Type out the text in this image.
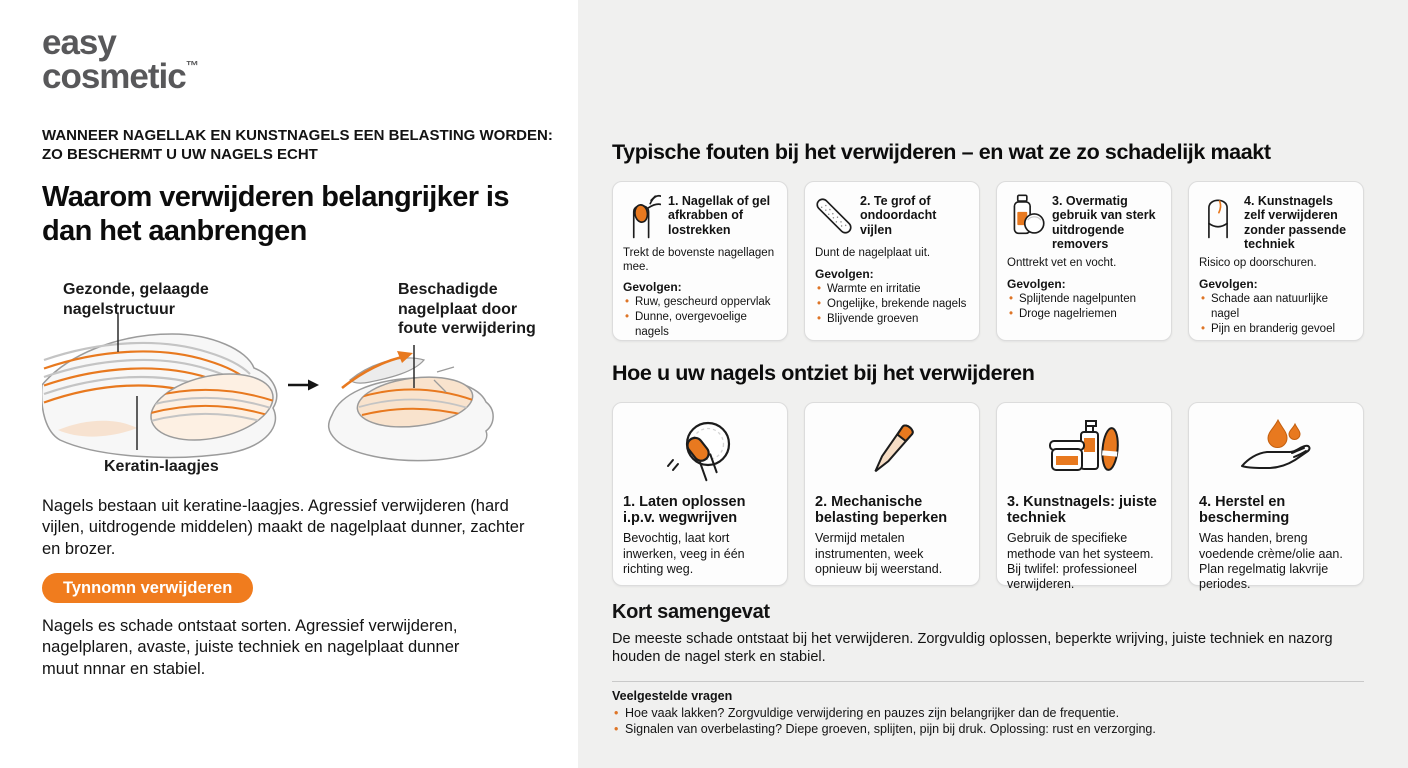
easy
cosmetic™
WANNEER NAGELLAK EN KUNSTNAGELS EEN BELASTING WORDEN:
ZO BESCHERMT U UW NAGELS ECHT
Waarom verwijderen belangrijker is dan het aanbrengen
Gezonde, gelaagde nagelstructuur
Beschadigde nagelplaat door foute verwijdering
Keratin-laagjes

Nagels bestaan uit keratine-laagjes. Agressief verwijderen (hard vijlen, uitdrogende middelen) maakt de nagelplaat dunner, zachter en brozer.

Tynnomn verwijderen

Nagels es schade ontstaat sorten. Agressief verwijderen, nagelplaren, avaste, juiste techniek en nagelplaat dunner muut nnnar en stabiel.

Typische fouten bij het verwijderen – en wat ze zo schadelijk maakt
1. Nagellak of gel afkrabben of lostrekken
Trekt de bovenste nagellagen mee.
Gevolgen:
• Ruw, gescheurd oppervlak
• Dunne, overgevoelige nagels
2. Te grof of ondoordacht vijlen
Dunt de nagelplaat uit.
Gevolgen:
• Warmte en irritatie
• Ongelijke, brekende nagels
• Blijvende groeven
3. Overmatig gebruik van sterk uitdrogende removers
Onttrekt vet en vocht.
Gevolgen:
• Splijtende nagelpunten
• Droge nagelriemen
4. Kunstnagels zelf verwijderen zonder passende techniek
Risico op doorschuren.
Gevolgen:
• Schade aan natuurlijke nagel
• Pijn en branderig gevoel
Hoe u uw nagels ontziet bij het verwijderen
1. Laten oplossen i.p.v. wegwrijven
Bevochtig, laat kort inwerken, veeg in één richting weg.
2. Mechanische belasting beperken
Vermijd metalen instrumenten, week opnieuw bij weerstand.
3. Kunstnagels: juiste techniek
Gebruik de specifieke methode van het systeem. Bij twlifel: professioneel verwijderen.
4. Herstel en bescherming
Was handen, breng voedende crème/olie aan. Plan regelmatig lakvrije periodes.
Kort samengevat

De meeste schade ontstaat bij het verwijderen. Zorgvuldig oplossen, beperkte wrijving, juiste techniek en nazorg houden de nagel sterk en stabiel.

Veelgestelde vragen
• Hoe vaak lakken? Zorgvuldige verwijdering en pauzes zijn belangrijker dan de frequentie.
• Signalen van overbelasting? Diepe groeven, splijten, pijn bij druk. Oplossing: rust en verzorging.
